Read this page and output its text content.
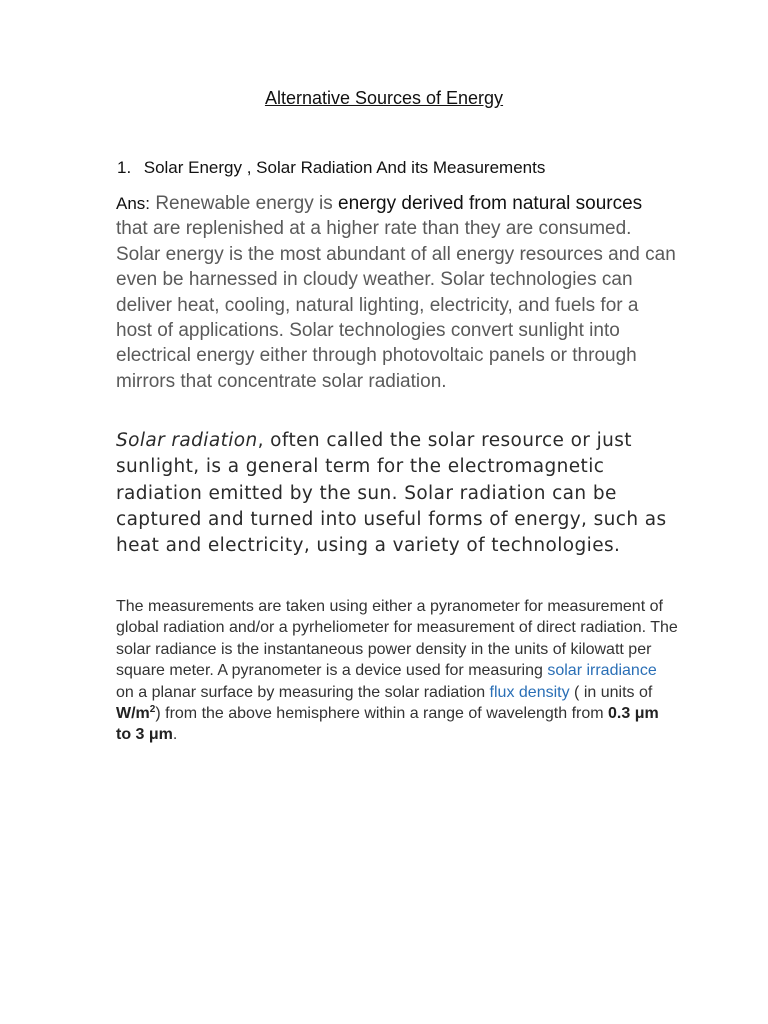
Alternative Sources of Energy

1. Solar Energy , Solar Radiation And its Measurements

Ans: Renewable energy is energy derived from natural sources that are replenished at a higher rate than they are consumed. Solar energy is the most abundant of all energy resources and can even be harnessed in cloudy weather. Solar technologies can deliver heat, cooling, natural lighting, electricity, and fuels for a host of applications. Solar technologies convert sunlight into electrical energy either through photovoltaic panels or through mirrors that concentrate solar radiation.

Solar radiation, often called the solar resource or just sunlight, is a general term for the electromagnetic radiation emitted by the sun. Solar radiation can be captured and turned into useful forms of energy, such as heat and electricity, using a variety of technologies.

The measurements are taken using either a pyranometer for measurement of global radiation and/or a pyrheliometer for measurement of direct radiation. The solar radiance is the instantaneous power density in the units of kilowatt per square meter. A pyranometer is a device used for measuring solar irradiance on a planar surface by measuring the solar radiation flux density ( in units of $W/m^2$) from the above hemisphere within a range of wavelength from 0.3 μm to 3 μm.
